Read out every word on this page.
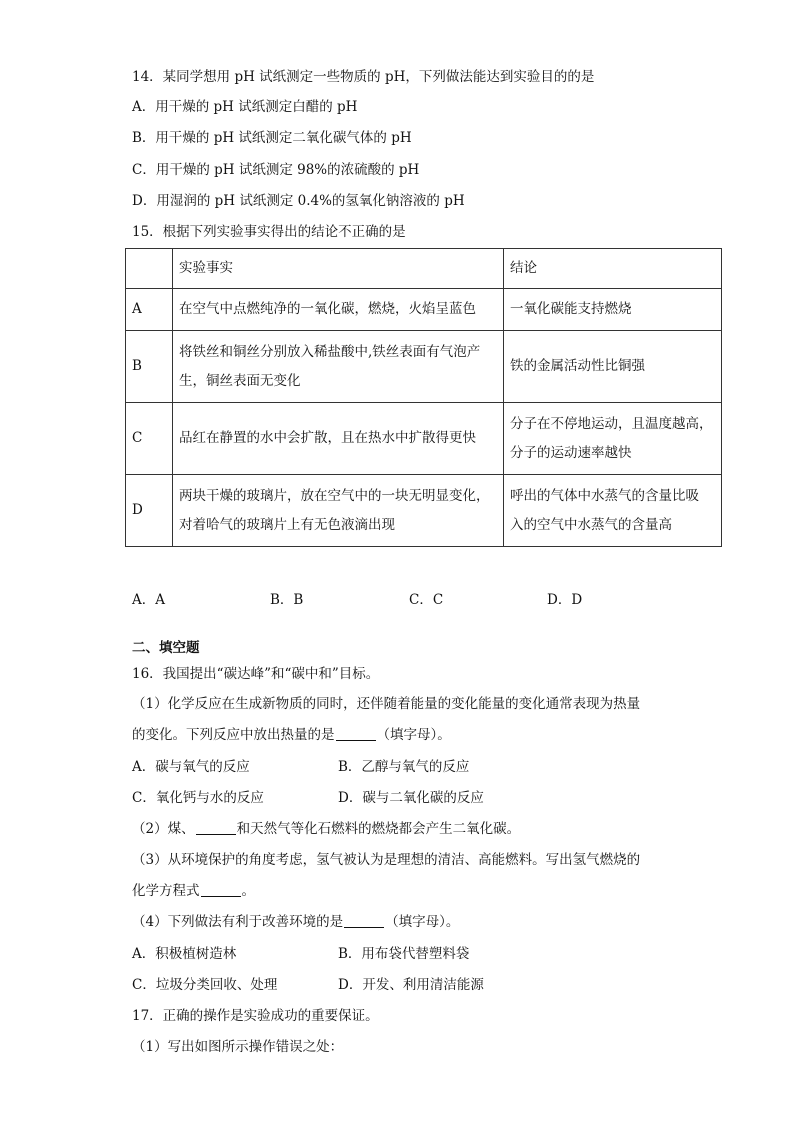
14．某同学想用 pH 试纸测定一些物质的 pH，下列做法能达到实验目的的是
A．用干燥的 pH 试纸测定白醋的 pH
B．用干燥的 pH 试纸测定二氧化碳气体的 pH
C．用干燥的 pH 试纸测定 98%的浓硫酸的 pH
D．用湿润的 pH 试纸测定 0.4%的氢氧化钠溶液的 pH
15．根据下列实验事实得出的结论不正确的是
	实验事实	结论
A	在空气中点燃纯净的一氧化碳，燃烧，火焰呈蓝色	一氧化碳能支持燃烧
B	将铁丝和铜丝分别放入稀盐酸中,铁丝表面有气泡产
生，铜丝表面无变化	铁的金属活动性比铜强
C	品红在静置的水中会扩散，且在热水中扩散得更快	分子在不停地运动，且温度越高，
分子的运动速率越快
D	两块干燥的玻璃片，放在空气中的一块无明显变化，
对着哈气的玻璃片上有无色液滴出现	呼出的气体中水蒸气的含量比吸
入的空气中水蒸气的含量高
A．A	B．B	C．C	D．D
二、填空题
16．我国提出“碳达峰”和“碳中和”目标。
（1）化学反应在生成新物质的同时，还伴随着能量的变化能量的变化通常表现为热量
的变化。下列反应中放出热量的是	（填字母）。
A．碳与氧气的反应	B．乙醇与氧气的反应
C．氧化钙与水的反应	D．碳与二氧化碳的反应
（2）煤、	和天然气等化石燃料的燃烧都会产生二氧化碳。
（3）从环境保护的角度考虑，氢气被认为是理想的清洁、高能燃料。写出氢气燃烧的
化学方程式	。
（4）下列做法有利于改善环境的是	（填字母）。
A．积极植树造林	B．用布袋代替塑料袋
C．垃圾分类回收、处理	D．开发、利用清洁能源
17．正确的操作是实验成功的重要保证。
（1）写出如图所示操作错误之处：
